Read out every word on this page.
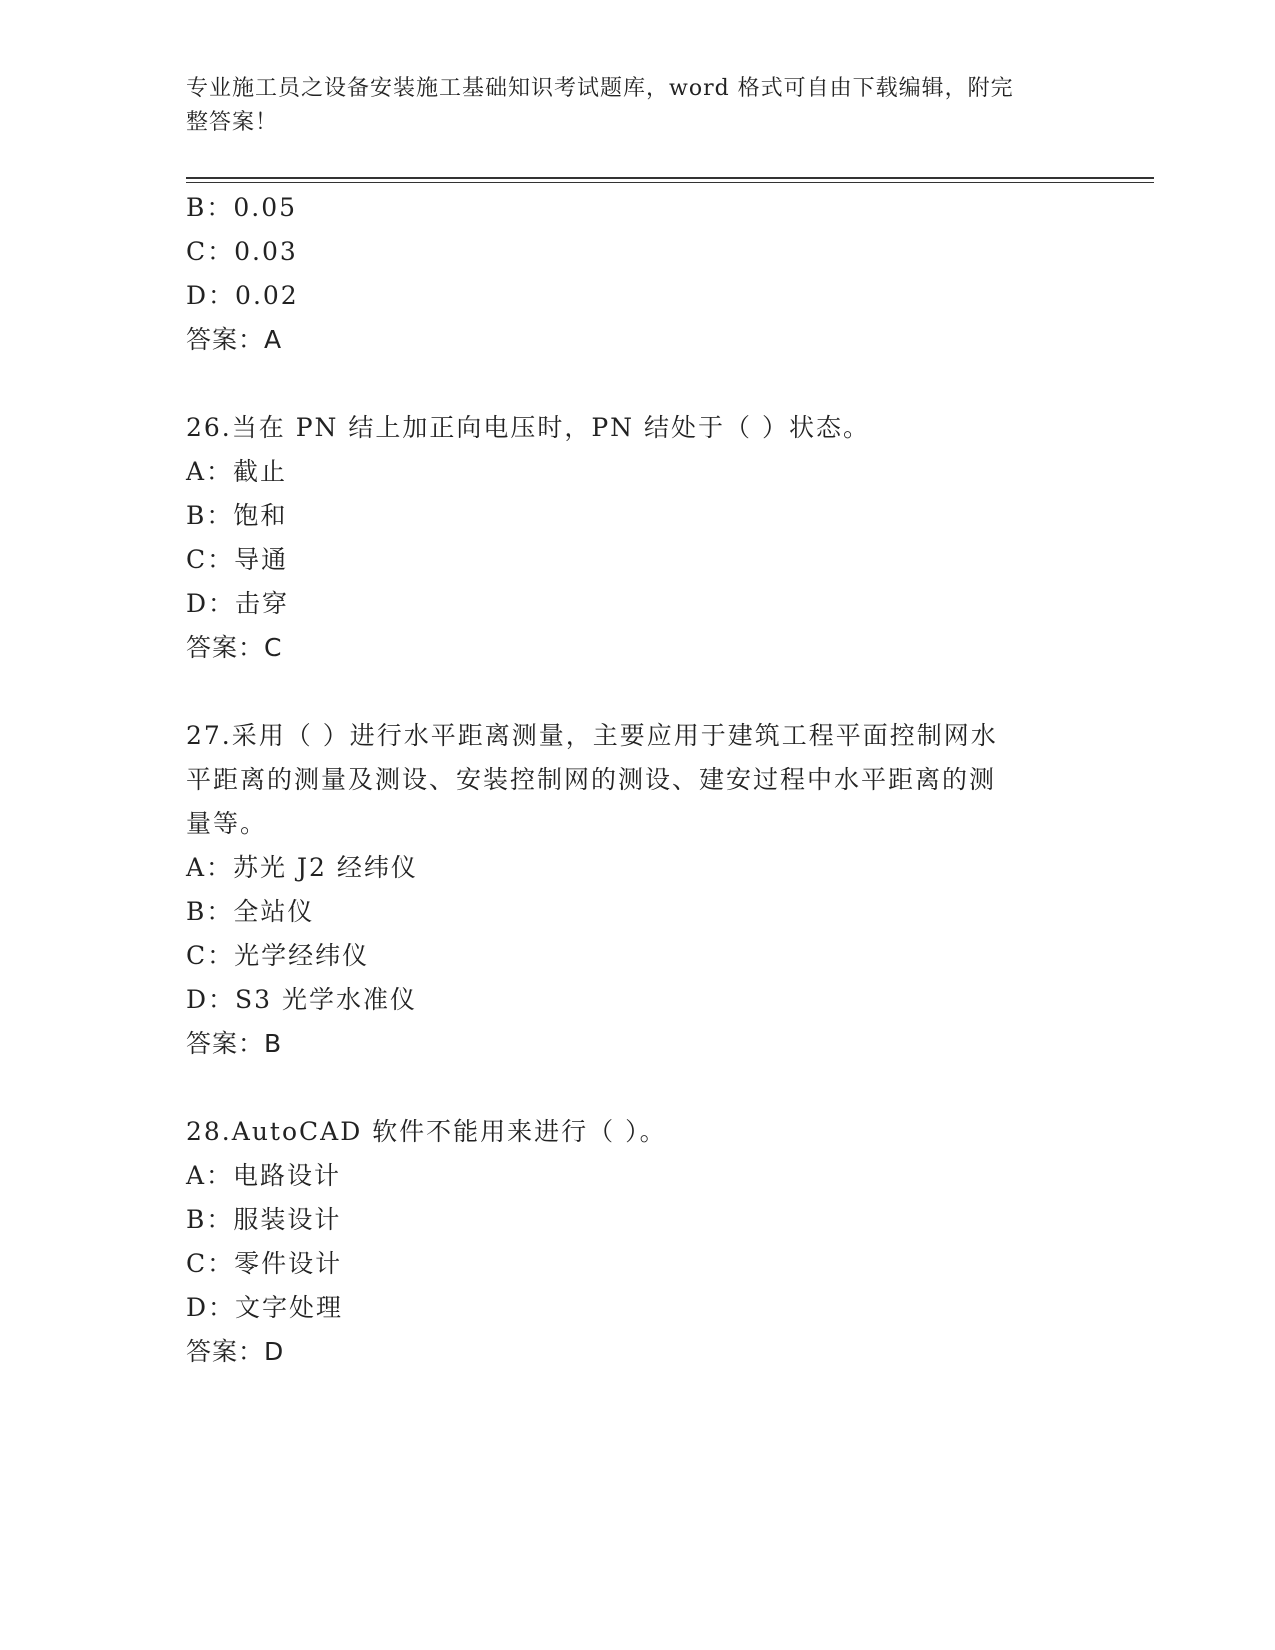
专业施工员之设备安装施工基础知识考试题库，word 格式可自由下载编辑，附完
整答案！
B：0.05
C：0.03
D：0.02
答案：A
26.当在 PN 结上加正向电压时，PN 结处于（ ）状态。
A：截止
B：饱和
C：导通
D：击穿
答案：C
27.采用（ ）进行水平距离测量，主要应用于建筑工程平面控制网水
平距离的测量及测设、安装控制网的测设、建安过程中水平距离的测
量等。
A：苏光 J2 经纬仪
B：全站仪
C：光学经纬仪
D：S3 光学水准仪
答案：B
28.AutoCAD 软件不能用来进行（ ）。
A：电路设计
B：服装设计
C：零件设计
D：文字处理
答案：D
